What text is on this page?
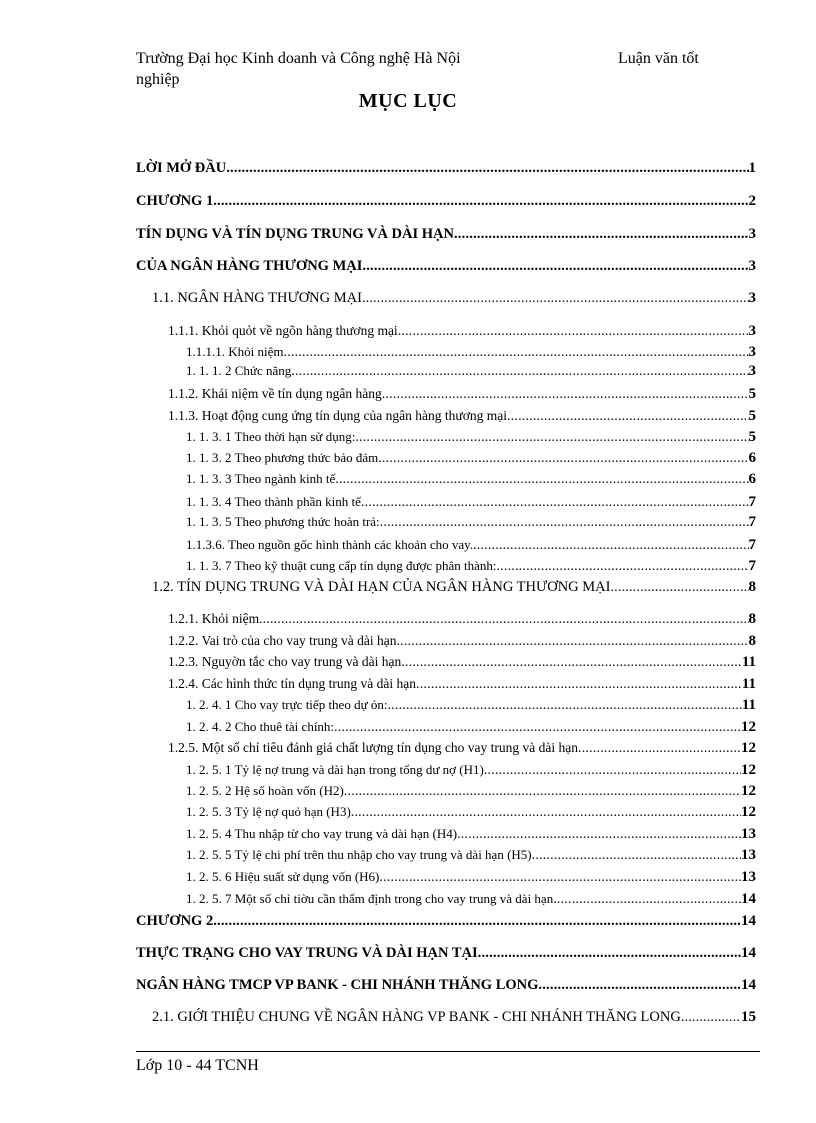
Trường Đại học Kinh doanh và Công nghệ Hà Nội	Luận văn tốt
nghiệp
MỤC LỤC
LỜI MỞ ĐẦU .....	1
CHƯƠNG 1 .....	2
TÍN DỤNG VÀ TÍN DỤNG TRUNG VÀ DÀI HẠN .....	3
CỦA NGÂN HÀNG THƯƠNG MẠI .....	3
1.1. NGÂN HÀNG THƯƠNG MẠI .....	3
1.1.1. Khỏi quỏt về ngõn hàng thương mại .....	3
1.1.1.1. Khỏi niệm .....	3
1. 1. 1. 2 Chức năng .....	3
1.1.2. Khái niệm về tín dụng ngân hàng .....	5
1.1.3. Hoạt động cung ứng tín dụng của ngân hàng thương mại .....	5
1. 1. 3. 1 Theo thời hạn sử dụng: .....	5
1. 1. 3. 2 Theo phương thức bảo đảm .....	6
1. 1. 3. 3 Theo ngành kinh tế .....	6
1. 1. 3. 4 Theo thành phần kinh tế .....	7
1. 1. 3. 5 Theo phương thức hoàn trả: .....	7
1.1.3.6. Theo nguồn gốc hình thành các khoản cho vay. .....	7
1. 1. 3. 7 Theo kỹ thuật cung cấp tín dụng được phân thành: .....	7
1.2. TÍN DỤNG TRUNG VÀ DÀI HẠN CỦA NGÂN HÀNG THƯƠNG MẠI .....	8
1.2.1. Khỏi niệm. .....	8
1.2.2. Vai trò của cho vay trung và dài hạn .....	8
1.2.3. Nguyờn tắc cho vay trung và dài hạn .....	11
1.2.4. Các hình thức tín dụng trung và dài hạn .....	11
1. 2. 4. 1 Cho vay trực tiếp theo dự ỏn: .....	11
1. 2. 4. 2 Cho thuê tài chính: .....	12
1.2.5. Một số chỉ tiêu đánh giá chất lượng tín dụng cho vay trung và dài hạn .....	12
1. 2. 5. 1 Tỷ lệ nợ trung và dài hạn trong tổng dư nợ (H1) .....	12
1. 2. 5. 2 Hệ số hoàn vốn (H2) .....	12
1. 2. 5. 3 Tỷ lệ nợ quỏ hạn (H3) .....	12
1. 2. 5. 4 Thu nhập từ cho vay trung và dài hạn (H4) .....	13
1. 2. 5. 5 Tỷ lệ chi phí trên thu nhập cho vay trung và dài hạn (H5) .....	13
1. 2. 5. 6 Hiệu suất sử dụng vốn (H6) .....	13
1. 2. 5. 7 Một số chỉ tiờu cần thẩm định trong cho vay trung và dài hạn .....	14
CHƯƠNG 2 .....	14
THỰC TRẠNG CHO VAY TRUNG VÀ DÀI HẠN TẠI .....	14
NGÂN HÀNG TMCP VP BANK - CHI NHÁNH THĂNG LONG .....	14
2.1. GIỚI THIỆU CHUNG VỀ NGÂN HÀNG VP BANK - CHI NHÁNH THĂNG LONG .....	15
Lớp 10 - 44 TCNH
